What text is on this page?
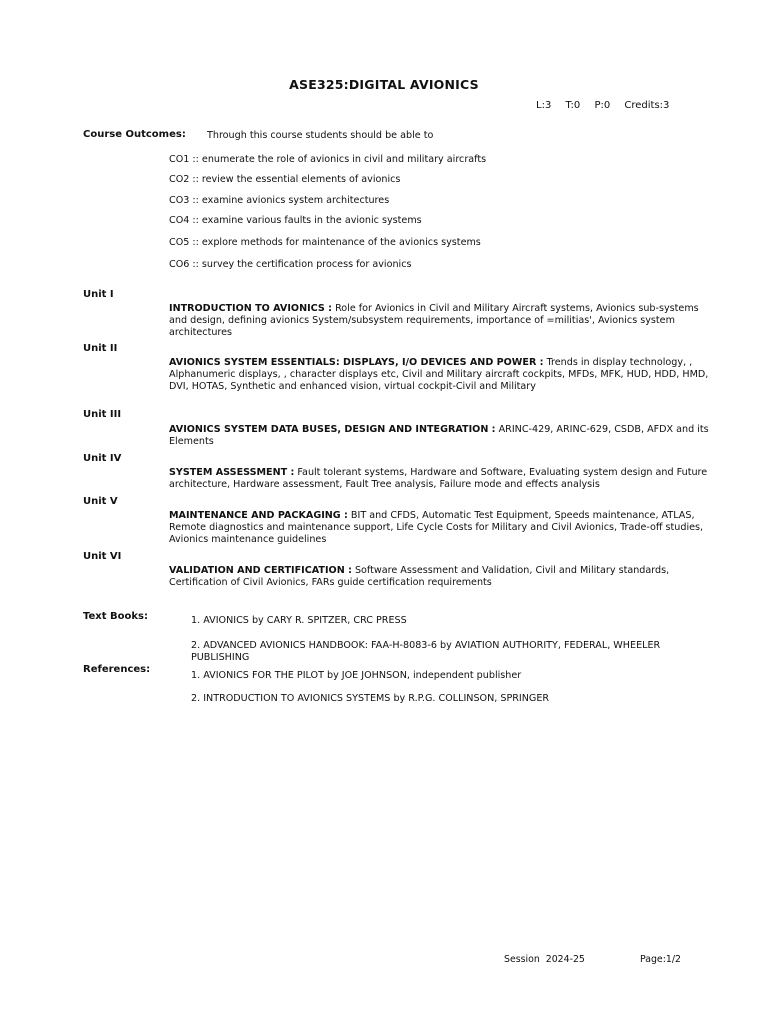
ASE325:DIGITAL AVIONICS
L:3 T:0 P:0 Credits:3
Course Outcomes: Through this course students should be able to
CO1 :: enumerate the role of avionics in civil and military aircrafts
CO2 :: review the essential elements of avionics
CO3 :: examine avionics system architectures
CO4 :: examine various faults in the avionic systems
CO5 :: explore methods for maintenance of the avionics systems
CO6 :: survey the certification process for avionics
Unit I
INTRODUCTION TO AVIONICS : Role for Avionics in Civil and Military Aircraft systems, Avionics sub-systems and design, defining avionics System/subsystem requirements, importance of =militias', Avionics system architectures
Unit II
AVIONICS SYSTEM ESSENTIALS: DISPLAYS, I/O DEVICES AND POWER : Trends in display technology, , Alphanumeric displays, , character displays etc, Civil and Military aircraft cockpits, MFDs, MFK, HUD, HDD, HMD, DVI, HOTAS, Synthetic and enhanced vision, virtual cockpit-Civil and Military
Unit III
AVIONICS SYSTEM DATA BUSES, DESIGN AND INTEGRATION : ARINC-429, ARINC-629, CSDB, AFDX and its Elements
Unit IV
SYSTEM ASSESSMENT : Fault tolerant systems, Hardware and Software, Evaluating system design and Future architecture, Hardware assessment, Fault Tree analysis, Failure mode and effects analysis
Unit V
MAINTENANCE AND PACKAGING : BIT and CFDS, Automatic Test Equipment, Speeds maintenance, ATLAS, Remote diagnostics and maintenance support, Life Cycle Costs for Military and Civil Avionics, Trade-off studies, Avionics maintenance guidelines
Unit VI
VALIDATION AND CERTIFICATION : Software Assessment and Validation, Civil and Military standards, Certification of Civil Avionics, FARs guide certification requirements
Text Books:	1. AVIONICS by CARY R. SPITZER, CRC PRESS
2. ADVANCED AVIONICS HANDBOOK: FAA-H-8083-6 by AVIATION AUTHORITY, FEDERAL, WHEELER PUBLISHING
References:
1. AVIONICS FOR THE PILOT by JOE JOHNSON, independent publisher
2. INTRODUCTION TO AVIONICS SYSTEMS by R.P.G. COLLINSON, SPRINGER
Session  2024-25	Page:1/2
